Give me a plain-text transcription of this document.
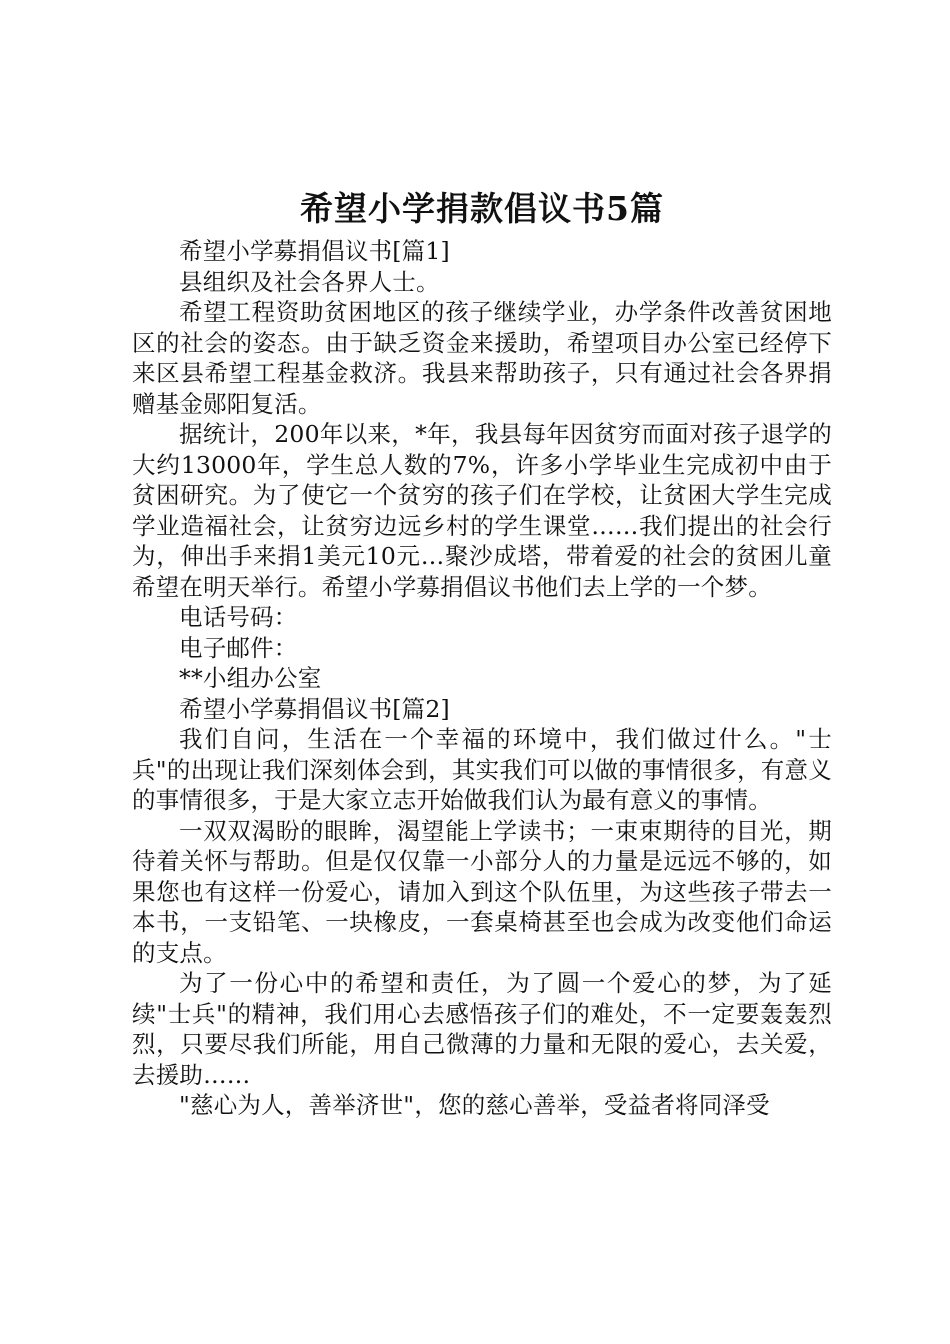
希望小学捐款倡议书5篇

希望小学募捐倡议书[篇1]

县组织及社会各界人士。

希望工程资助贫困地区的孩子继续学业，办学条件改善贫困地区的社会的姿态。由于缺乏资金来援助，希望项目办公室已经停下来区县希望工程基金救济。我县来帮助孩子，只有通过社会各界捐赠基金郧阳复活。

据统计，200年以来，*年，我县每年因贫穷而面对孩子退学的大约13000年，学生总人数的7%，许多小学毕业生完成初中由于贫困研究。为了使它一个贫穷的孩子们在学校，让贫困大学生完成学业造福社会，让贫穷边远乡村的学生课堂……我们提出的社会行为，伸出手来捐1美元10元…聚沙成塔，带着爱的社会的贫困儿童希望在明天举行。希望小学募捐倡议书他们去上学的一个梦。

电话号码：

电子邮件：

**小组办公室

希望小学募捐倡议书[篇2]

我们自问，生活在一个幸福的环境中，我们做过什么。"士兵"的出现让我们深刻体会到，其实我们可以做的事情很多，有意义的事情很多，于是大家立志开始做我们认为最有意义的事情。

一双双渴盼的眼眸，渴望能上学读书；一束束期待的目光，期待着关怀与帮助。但是仅仅靠一小部分人的力量是远远不够的，如果您也有这样一份爱心，请加入到这个队伍里，为这些孩子带去一本书，一支铅笔、一块橡皮，一套桌椅甚至也会成为改变他们命运的支点。

为了一份心中的希望和责任，为了圆一个爱心的梦，为了延续"士兵"的精神，我们用心去感悟孩子们的难处，不一定要轰轰烈烈，只要尽我们所能，用自己微薄的力量和无限的爱心，去关爱，去援助……

"慈心为人，善举济世"，您的慈心善举，受益者将同泽受
